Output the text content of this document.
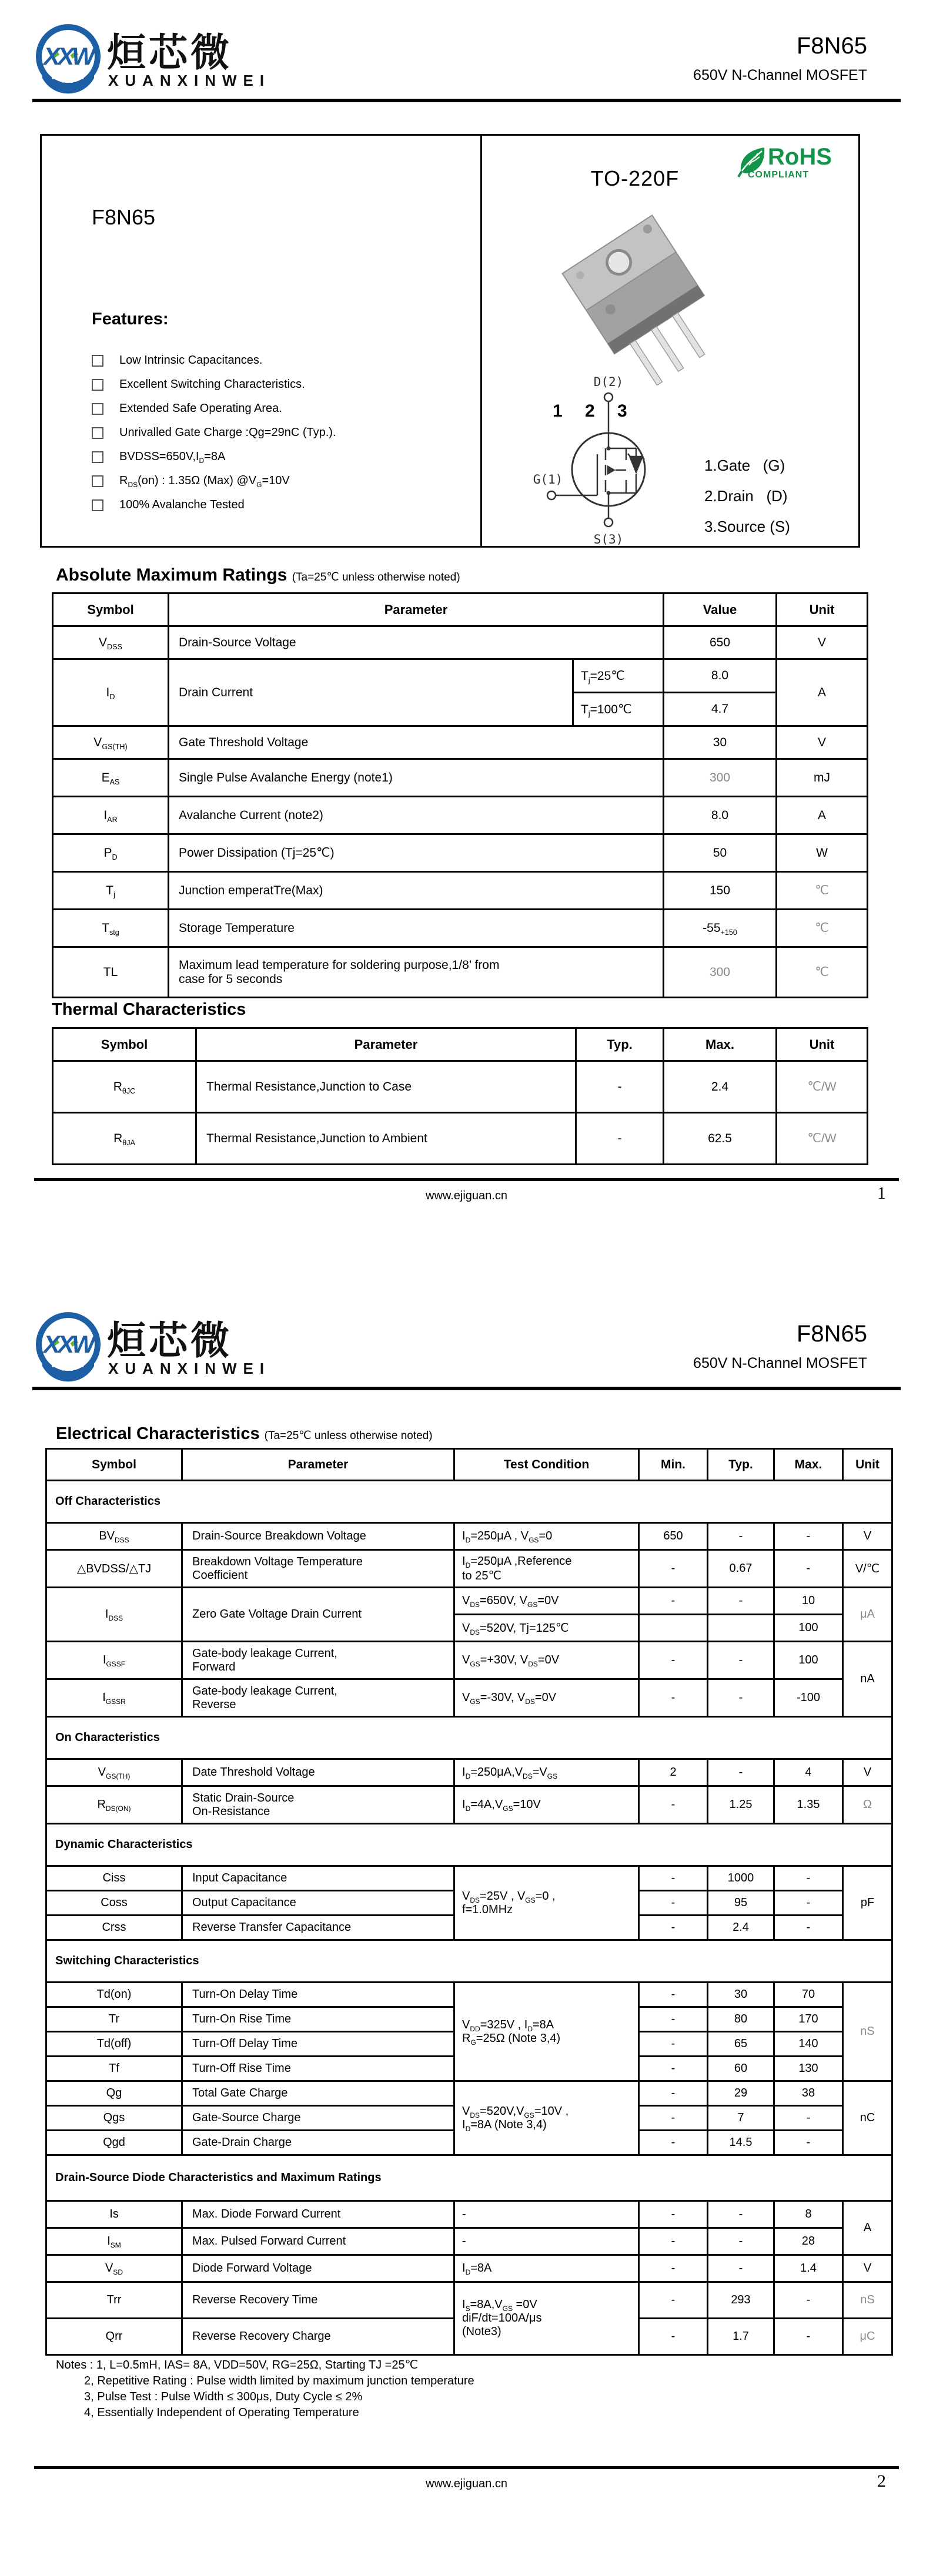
XXW 烜芯微
XUANXINWEI
F8N65
650V N-Channel MOSFET
F8N65
Features:
Low Intrinsic Capacitances.
Excellent Switching Characteristics.
Extended Safe Operating Area.
Unrivalled Gate Charge :Qg=29nC (Typ.).
$BVDSS=650V,I_D=8A$
$R_{DS}(on)$ : 1.35Ω (Max) $@V_G=10V$
100% Avalanche Tested
TO-220F
RoHS
COMPLIANT
1 2 3
D(2)
G(1)
S(3)
1.Gate   (G)
2.Drain   (D)
3.Source (S)
Absolute Maximum Ratings (Ta=25℃ unless otherwise noted)
Symbol	Parameter		Value	Unit
$V_{DSS}$	Drain-Source Voltage		650	V
$I_D$	Drain Current	$T_j=25℃$	8.0	A
		$T_j=100℃$	4.7	
$V_{GS(TH)}$	Gate Threshold Voltage		30	V
$E_{AS}$	Single Pulse Avalanche Energy (note1)		300	mJ
$I_{AR}$	Avalanche Current (note2)		8.0	A
$P_D$	Power Dissipation (Tj=25℃)		50	W
$T_j$	Junction emperatTre(Max)		150	℃
$T_{stg}$	Storage Temperature		$-55_{+150}$	℃
TL	Maximum lead temperature for soldering purpose,1/8’ from
case for 5 seconds		300	℃
Thermal Characteristics
Symbol	Parameter	Typ.	Max.	Unit
$R_{\theta JC}$	Thermal Resistance,Junction to Case	-	2.4	℃/W
$R_{\theta JA}$	Thermal Resistance,Junction to Ambient	-	62.5	℃/W
www.ejiguan.cn	1
XXW 烜芯微
XUANXINWEI
F8N65
650V N-Channel MOSFET
Electrical Characteristics (Ta=25℃ unless otherwise noted)
Symbol	Parameter	Test Condition	Min.	Typ.	Max.	Unit
Off Characteristics						
$BV_{DSS}$	Drain-Source Breakdown Voltage	$I_D=250\mu A$ , $V_{GS}=0$	650	-	-	V
△BVDSS/△TJ	Breakdown Voltage Temperature
Coefficient	$I_D=250\mu A$ ,Reference
to 25℃	-	0.67	-	V/℃
$I_{DSS}$	Zero Gate Voltage Drain Current	$V_{DS}=650V$, $V_{GS}=0V$	-	-	10	μA
		$V_{DS}=520V$, Tj=125℃			100	
$I_{GSSF}$	Gate-body leakage Current,
Forward	$V_{GS}=+30V$, $V_{DS}=0V$	-	-	100	nA
$I_{GSSR}$	Gate-body leakage Current,
Reverse	$V_{GS}=-30V$, $V_{DS}=0V$	-	-	-100	
On Characteristics						
$V_{GS(TH)}$	Date Threshold Voltage	$I_D=250\mu A,V_{DS}=V_{GS}$	2	-	4	V
$R_{DS(ON)}$	Static Drain-Source
On-Resistance	$I_D=4A,V_{GS}=10V$	-	1.25	1.35	Ω
Dynamic Characteristics						
Ciss	Input Capacitance	$V_{DS}=25V$ , $V_{GS}=0$ ,
f=1.0MHz	-	1000	-	pF
Coss	Output Capacitance		-	95	-	
Crss	Reverse Transfer Capacitance		-	2.4	-	
Switching Characteristics						
Td(on)	Turn-On Delay Time	$V_{DD}=325V$ , $I_D=8A$
$R_G=25\Omega$ (Note 3,4)	-	30	70	nS
Tr	Turn-On Rise Time		-	80	170	
Td(off)	Turn-Off Delay Time		-	65	140	
Tf	Turn-Off Rise Time		-	60	130	
Qg	Total Gate Charge	$V_{DS}=520V,V_{GS}=10V$ ,
$I_D=8A$ (Note 3,4)	-	29	38	nC
Qgs	Gate-Source Charge		-	7	-	
Qgd	Gate-Drain Charge		-	14.5	-	
Drain-Source Diode Characteristics and Maximum Ratings						
Is	Max. Diode Forward Current	-	-	-	8	A
$I_{SM}$	Max. Pulsed Forward Current	-	-	-	28	
$V_{SD}$	Diode Forward Voltage	$I_D=8A$	-	-	1.4	V
Trr	Reverse Recovery Time	$I_S=8A,V_{GS} =0V$
diF/dt=100A/μs
(Note3)	-	293	-	nS
Qrr	Reverse Recovery Charge		-	1.7	-	μC
Notes : 1, L=0.5mH, IAS= 8A, VDD=50V, RG=25Ω, Starting TJ =25℃
2, Repetitive Rating : Pulse width limited by maximum junction temperature
3, Pulse Test : Pulse Width ≤ 300μs, Duty Cycle ≤ 2%
4, Essentially Independent of Operating Temperature
www.ejiguan.cn	2
